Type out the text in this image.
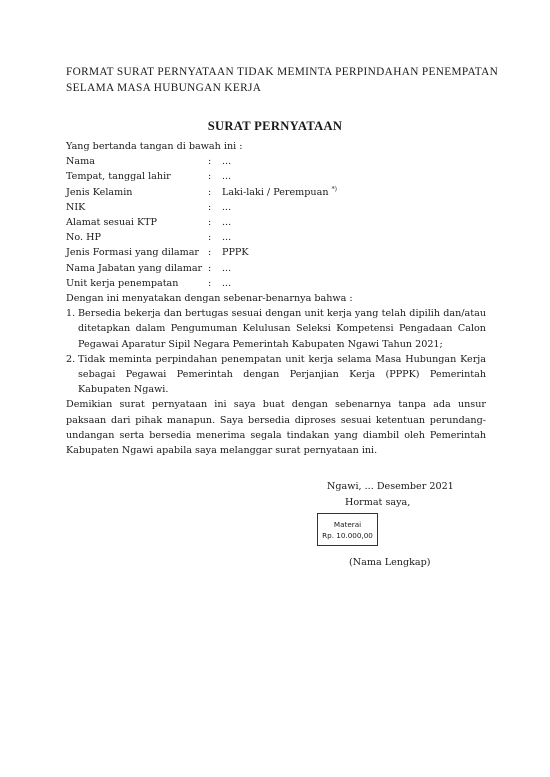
FORMAT SURAT PERNYATAAN TIDAK MEMINTA PERPINDAHAN PENEMPATAN
SELAMA MASA HUBUNGAN KERJA
SURAT PERNYATAAN
Yang bertanda tangan di bawah ini :
Nama	:	...
Tempat, tanggal lahir	:	...
Jenis Kelamin	:	Laki-laki / Perempuan *)
NIK	:	...
Alamat sesuai KTP	:	...
No. HP	:	...
Jenis Formasi yang dilamar :	PPPK
Nama Jabatan yang dilamar :	...
Unit kerja penempatan	:	...
Dengan ini menyatakan dengan sebenar-benarnya bahwa :
1. Bersedia bekerja dan bertugas sesuai dengan unit kerja yang telah dipilih dan/atau ditetapkan dalam Pengumuman Kelulusan Seleksi Kompetensi Pengadaan Calon Pegawai Aparatur Sipil Negara Pemerintah Kabupaten Ngawi Tahun 2021;
2. Tidak meminta perpindahan penempatan unit kerja selama Masa Hubungan Kerja sebagai Pegawai Pemerintah dengan Perjanjian Kerja (PPPK) Pemerintah Kabupaten Ngawi.
Demikian surat pernyataan ini saya buat dengan sebenarnya tanpa ada unsur paksaan dari pihak manapun. Saya bersedia diproses sesuai ketentuan perundang-undangan serta bersedia menerima segala tindakan yang diambil oleh Pemerintah Kabupaten Ngawi apabila saya melanggar surat pernyataan ini.
Ngawi, ... Desember 2021
Hormat saya,
Materai
Rp. 10.000,00
(Nama Lengkap)
